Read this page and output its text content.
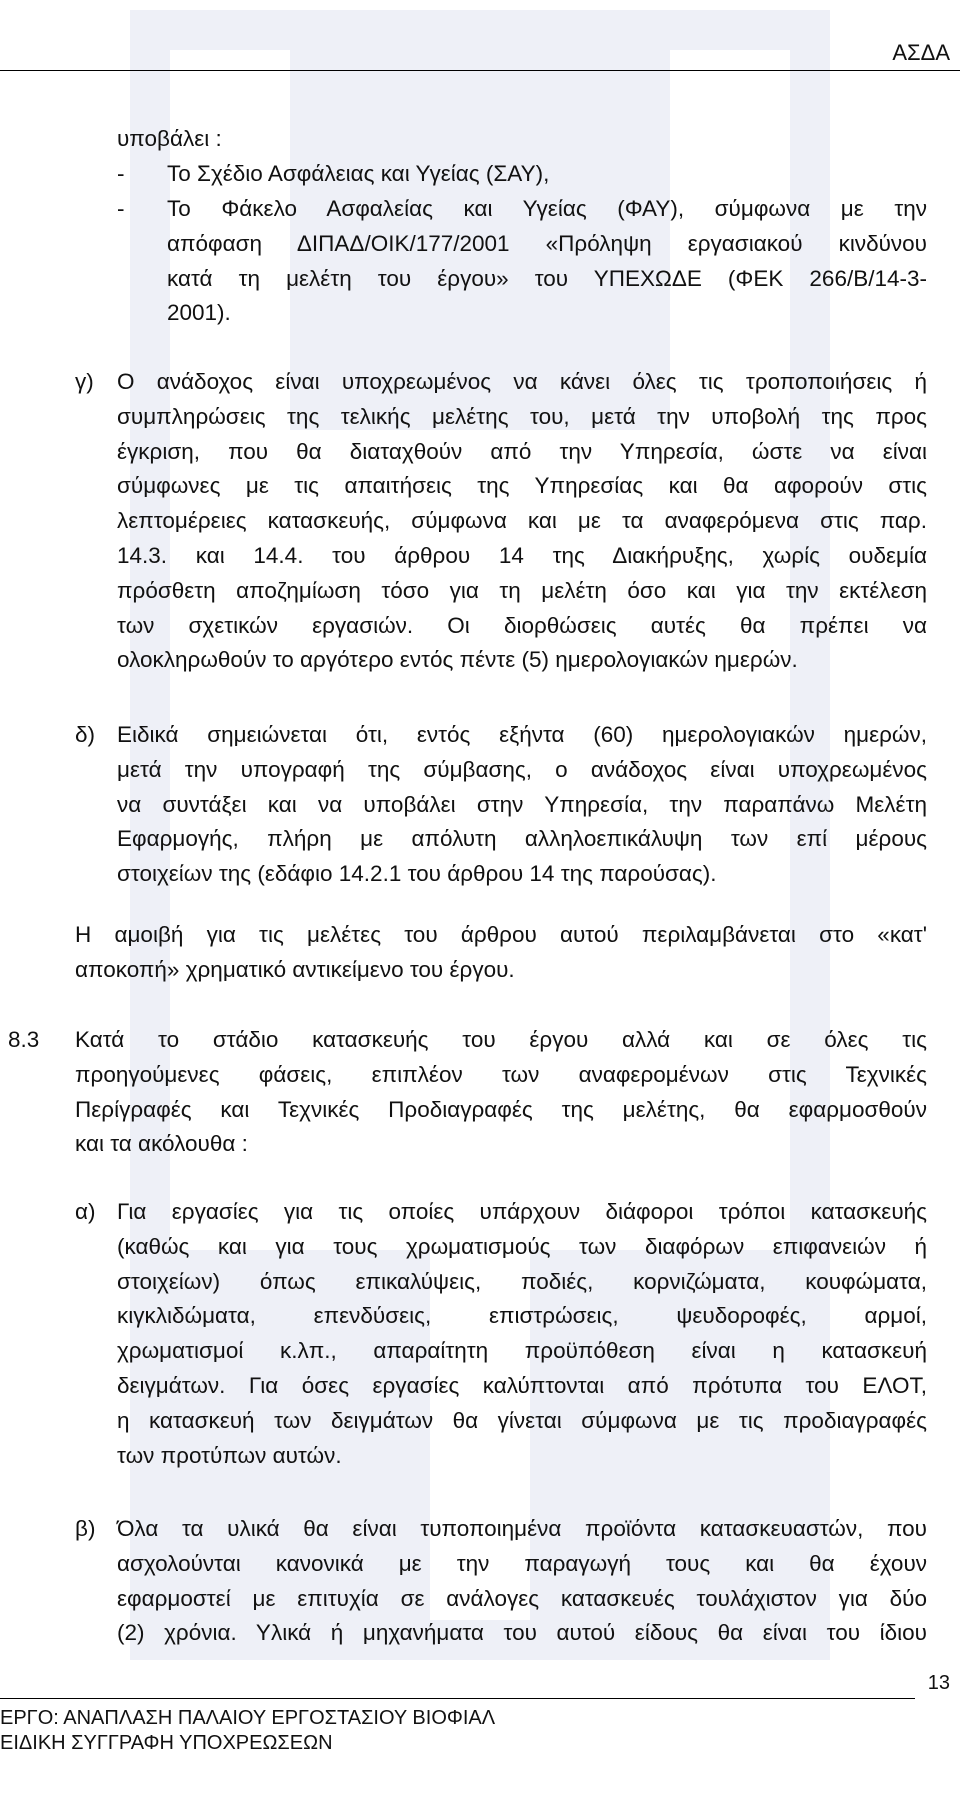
ΑΣΔΑ
υποβάλει :
- Το Σχέδιο Ασφάλειας και Υγείας (ΣΑΥ),
- Το Φάκελο Ασφαλείας και Υγείας (ΦΑΥ), σύμφωνα με την
απόφαση ΔΙΠΑΔ/ΟΙΚ/177/2001 «Πρόληψη εργασιακού κινδύνου
κατά τη μελέτη του έργου» του ΥΠΕΧΩΔΕ (ΦΕΚ 266/Β/14-3-
2001).
γ) Ο ανάδοχος είναι υποχρεωμένος να κάνει όλες τις τροποποιήσεις ή
συμπληρώσεις της τελικής μελέτης του, μετά την υποβολή της προς
έγκριση, που θα διαταχθούν από την Υπηρεσία, ώστε να είναι
σύμφωνες με τις απαιτήσεις της Υπηρεσίας και θα αφορούν στις
λεπτομέρειες κατασκευής, σύμφωνα και με τα αναφερόμενα στις παρ.
14.3. και 14.4. του άρθρου 14 της Διακήρυξης, χωρίς ουδεμία
πρόσθετη αποζημίωση τόσο για τη μελέτη όσο και για την εκτέλεση
των σχετικών εργασιών. Οι διορθώσεις αυτές θα πρέπει να
ολοκληρωθούν το αργότερο εντός πέντε (5) ημερολογιακών ημερών.
δ) Ειδικά σημειώνεται ότι, εντός εξήντα (60) ημερολογιακών ημερών,
μετά την υπογραφή της σύμβασης, ο ανάδοχος είναι υποχρεωμένος
να συντάξει και να υποβάλει στην Υπηρεσία, την παραπάνω Μελέτη
Εφαρμογής, πλήρη με απόλυτη αλληλοεπικάλυψη των επί μέρους
στοιχείων της (εδάφιο 14.2.1 του άρθρου 14 της παρούσας).
Η αμοιβή για τις μελέτες του άρθρου αυτού περιλαμβάνεται στο «κατ'
αποκοπή» χρηματικό αντικείμενο του έργου.
8.3 Κατά το στάδιο κατασκευής του έργου αλλά και σε όλες τις
προηγούμενες φάσεις, επιπλέον των αναφερομένων στις Τεχνικές
Περίγραφές και Τεχνικές Προδιαγραφές της μελέτης, θα εφαρμοσθούν
και τα ακόλουθα :
α) Για εργασίες για τις οποίες υπάρχουν διάφοροι τρόποι κατασκευής
(καθώς και για τους χρωματισμούς των διαφόρων επιφανειών ή
στοιχείων) όπως επικαλύψεις, ποδιές, κορνιζώματα, κουφώματα,
κιγκλιδώματα, επενδύσεις, επιστρώσεις, ψευδοροφές, αρμοί,
χρωματισμοί κ.λπ., απαραίτητη προϋπόθεση είναι η κατασκευή
δειγμάτων. Για όσες εργασίες καλύπτονται από πρότυπα του ΕΛΟΤ,
η κατασκευή των δειγμάτων θα γίνεται σύμφωνα με τις προδιαγραφές
των προτύπων αυτών.
β) Όλα τα υλικά θα είναι τυποποιημένα προϊόντα κατασκευαστών, που
ασχολούνται κανονικά με την παραγωγή τους και θα έχουν
εφαρμοστεί με επιτυχία σε ανάλογες κατασκευές τουλάχιστον για δύο
(2) χρόνια. Υλικά ή μηχανήματα του αυτού είδους θα είναι του ίδιου
13
ΕΡΓΟ: ΑΝΑΠΛΑΣΗ ΠΑΛΑΙΟΥ ΕΡΓΟΣΤΑΣΙΟΥ ΒΙΟΦΙΑΛ
ΕΙΔΙΚΗ ΣΥΓΓΡΑΦΗ ΥΠΟΧΡΕΩΣΕΩΝ
